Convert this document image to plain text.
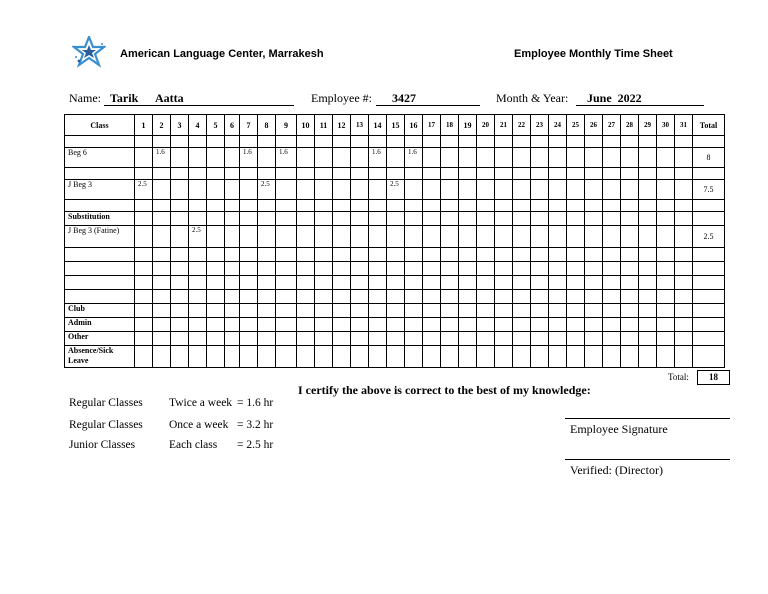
American Language Center, Marrakesh	Employee Monthly Time Sheet
Name: Tarik Aatta	Employee #: 3427	Month & Year: June  2022
Class	1	2	3	4	5	6	7	8	9	10	11	12	13	14	15	16	17	18	19	20	21	22	23	24	25	26	27	28	29	30	31	Total

Beg 6		1.6					1.6		1.6					1.6		1.6																8

J Beg 3	2.5							2.5							2.5																	7.5

Substitution																																
J Beg 3 (Fatine)				2.5																												2.5

Club																																
Admin																																
Other																																
Absence/Sick Leave																																
Total:	18
I certify the above is correct to the best of my knowledge:
Regular Classes Twice a week = 1.6 hr
Regular Classes Once a week = 3.2 hr
Junior Classes	Each class = 2.5 hr
Employee Signature
Verified: (Director)
